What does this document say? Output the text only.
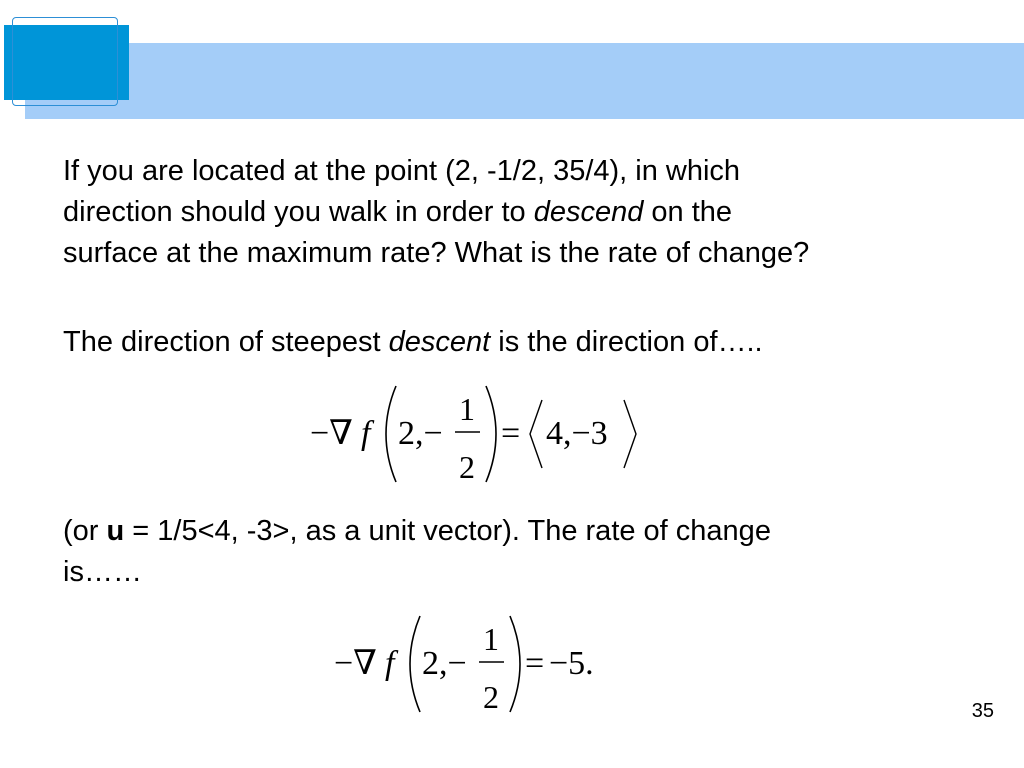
If you are located at the point (2, -1/2, 35/4), in which
direction should you walk in order to descend on the
surface at the maximum rate? What is the rate of change?
The direction of steepest descent is the direction of…..
−∇ f 2,−
1
2
= 4,−3
(or u = 1/5<4, -3>, as a unit vector). The rate of change
is……
−∇ f 2,−
1
2
= −5.
35
